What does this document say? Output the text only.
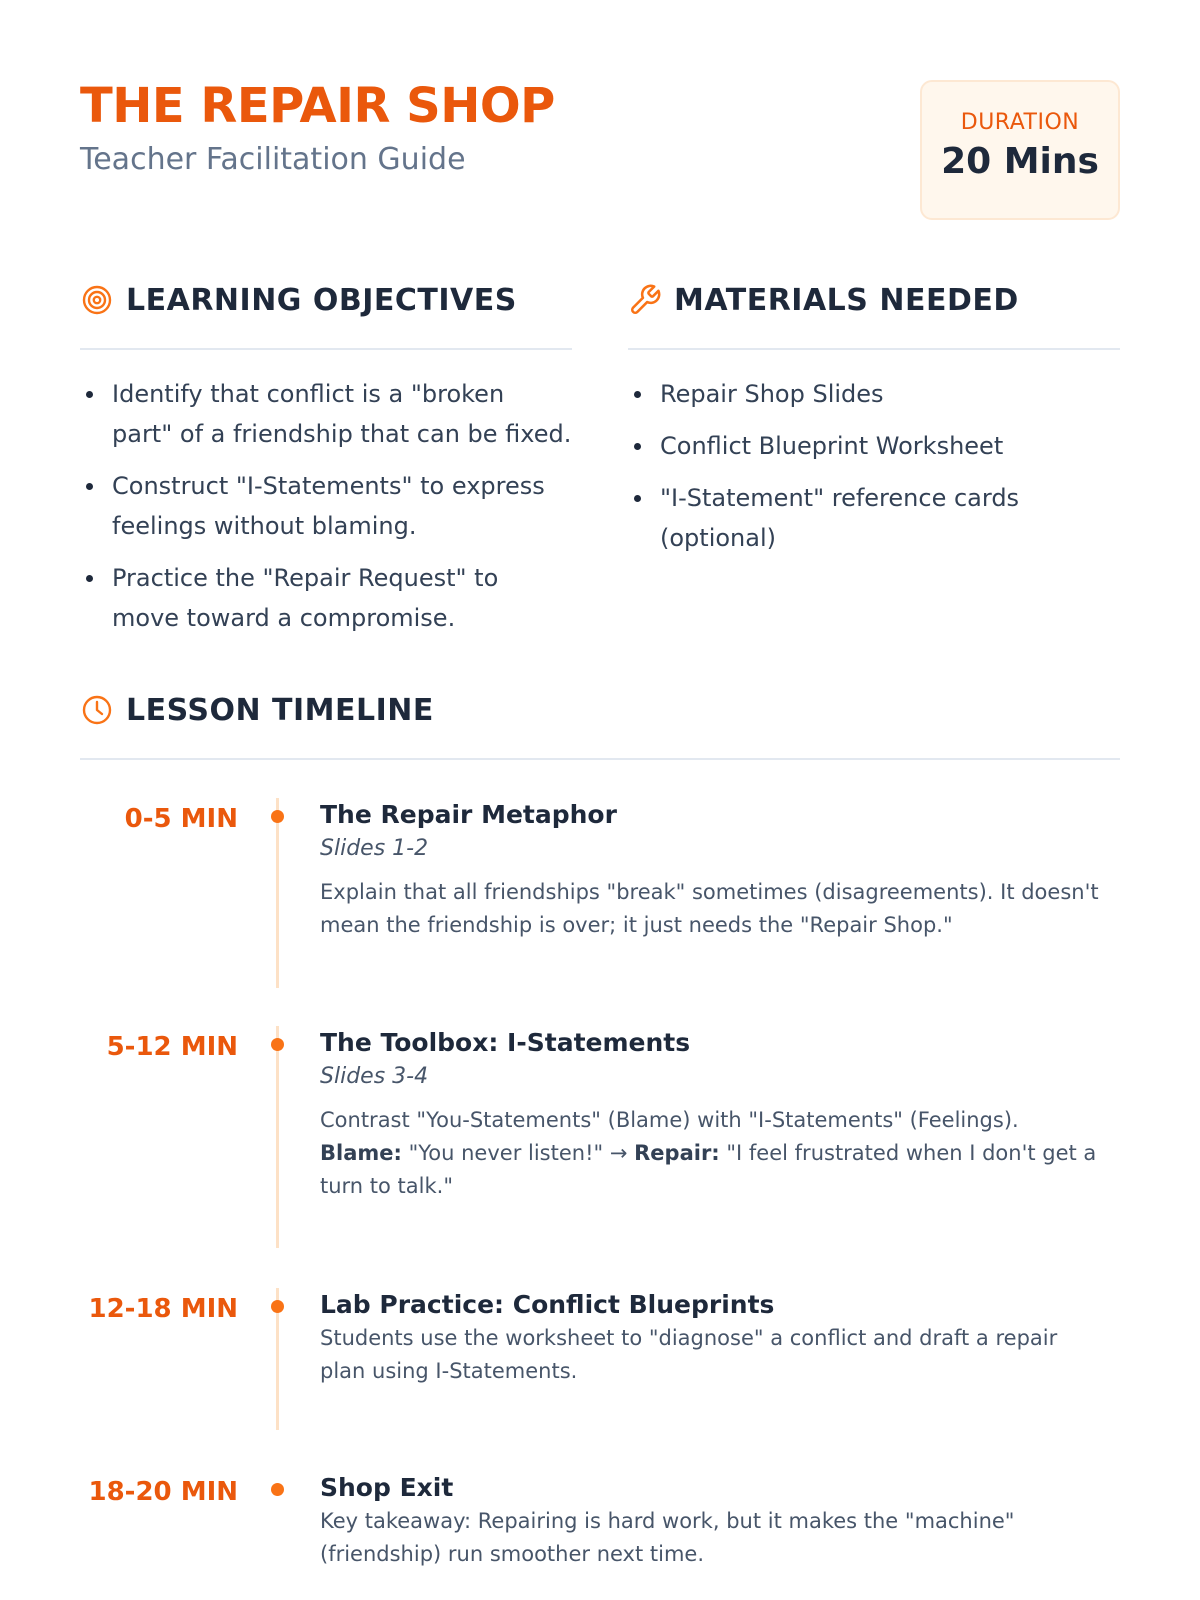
THE REPAIR SHOP
Teacher Facilitation Guide
DURATION
20 Mins
LEARNING OBJECTIVES
Identify that conflict is a "broken part" of a friendship that can be fixed.
Construct "I-Statements" to express feelings without blaming.
Practice the "Repair Request" to move toward a compromise.
MATERIALS NEEDED
Repair Shop Slides
Conflict Blueprint Worksheet
"I-Statement" reference cards (optional)
LESSON TIMELINE
0-5 MIN	The Repair Metaphor
Slides 1-2
Explain that all friendships "break" sometimes (disagreements). It doesn't mean the friendship is over; it just needs the "Repair Shop."
5-12 MIN	The Toolbox: I-Statements
Slides 3-4
Contrast "You-Statements" (Blame) with "I-Statements" (Feelings). Blame: "You never listen!" → Repair: "I feel frustrated when I don't get a turn to talk."
12-18 MIN	Lab Practice: Conflict Blueprints
Students use the worksheet to "diagnose" a conflict and draft a repair plan using I-Statements.
18-20 MIN	Shop Exit
Key takeaway: Repairing is hard work, but it makes the "machine" (friendship) run smoother next time.
